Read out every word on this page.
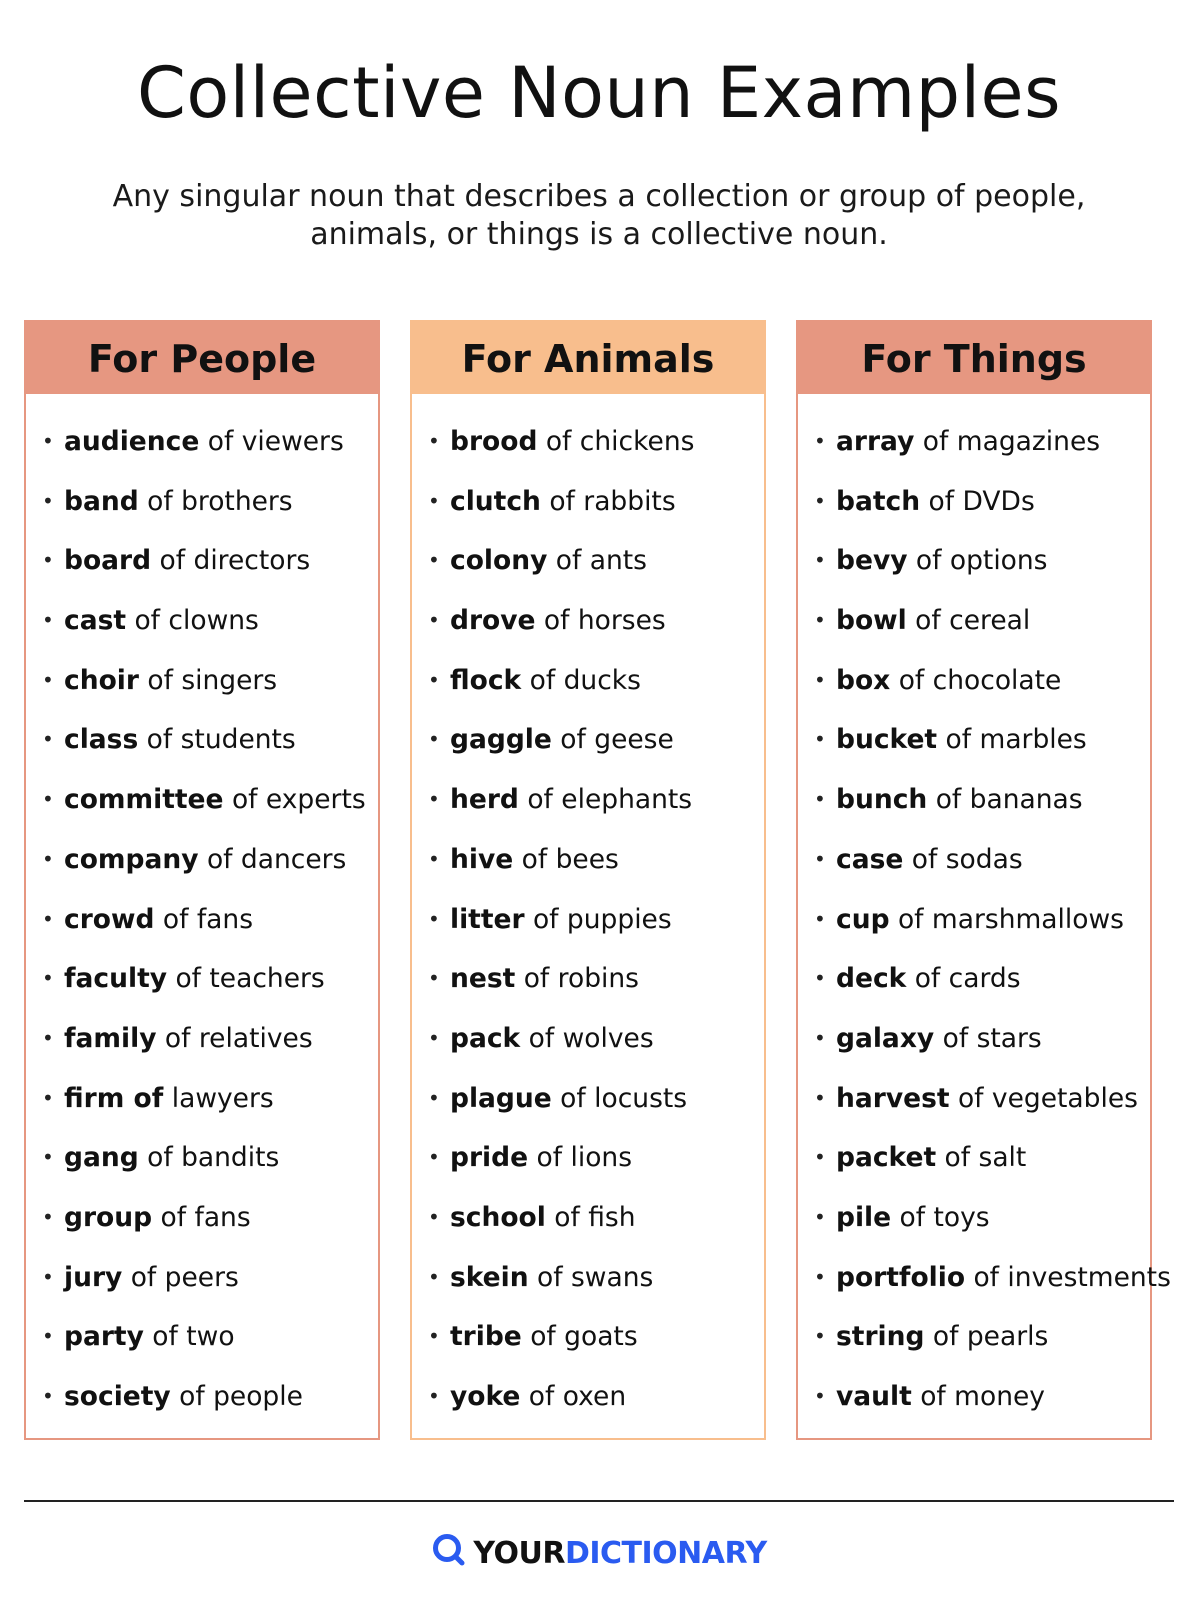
Collective Noun Examples
Any singular noun that describes a collection or group of people,
animals, or things is a collective noun.
For People
• audience of viewers
• band of brothers
• board of directors
• cast of clowns
• choir of singers
• class of students
• committee of experts
• company of dancers
• crowd of fans
• faculty of teachers
• family of relatives
• firm of lawyers
• gang of bandits
• group of fans
• jury of peers
• party of two
• society of people
For Animals
• brood of chickens
• clutch of rabbits
• colony of ants
• drove of horses
• flock of ducks
• gaggle of geese
• herd of elephants
• hive of bees
• litter of puppies
• nest of robins
• pack of wolves
• plague of locusts
• pride of lions
• school of fish
• skein of swans
• tribe of goats
• yoke of oxen
For Things
• array of magazines
• batch of DVDs
• bevy of options
• bowl of cereal
• box of chocolate
• bucket of marbles
• bunch of bananas
• case of sodas
• cup of marshmallows
• deck of cards
• galaxy of stars
• harvest of vegetables
• packet of salt
• pile of toys
• portfolio of investments
• string of pearls
• vault of money
YOURDICTIONARY
